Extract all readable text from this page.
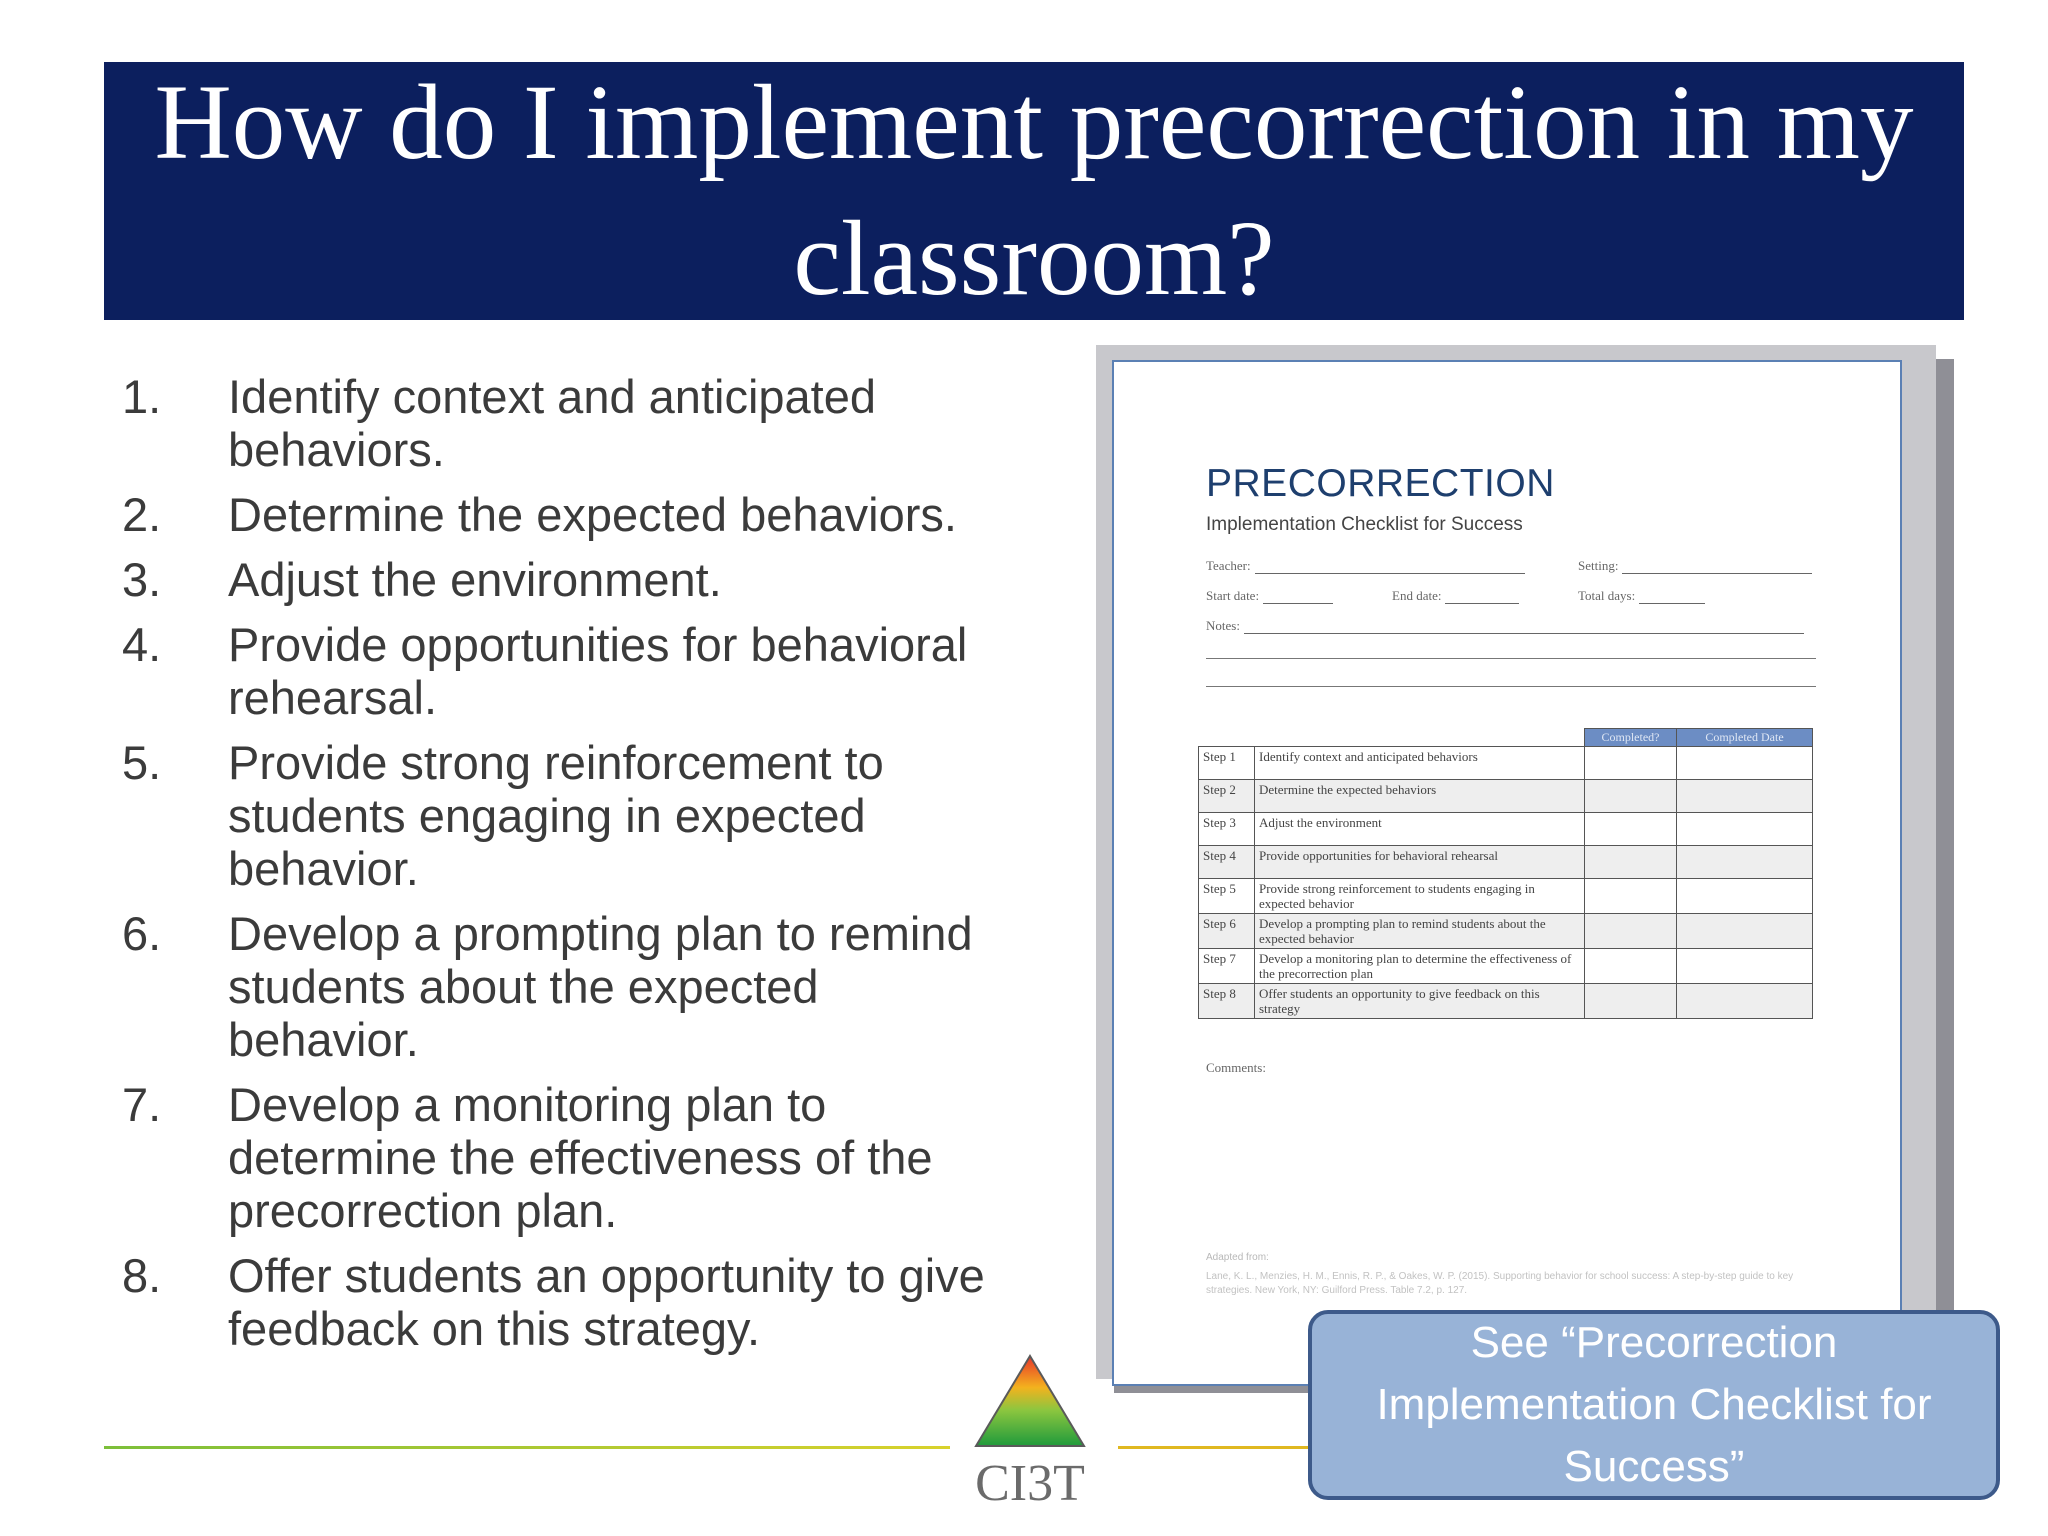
How do I implement precorrection in my classroom?
1.	Identify context and anticipated behaviors.
2.	Determine the expected behaviors.
3.	Adjust the environment.
4.	Provide opportunities for behavioral rehearsal.
5.	Provide strong reinforcement to students engaging in expected behavior.
6.	Develop a prompting plan to remind students about the expected behavior.
7.	Develop a monitoring plan to determine the effectiveness of the precorrection plan.
8.	Offer students an opportunity to give feedback on this strategy.
PRECORRECTION

Implementation Checklist for Success

Teacher:	Setting:
Start date:	End date:	Total days:
Notes:
		Completed?	Completed Date
Step 1	Identify context and anticipated behaviors		
Step 2	Determine the expected behaviors		
Step 3	Adjust the environment		
Step 4	Provide opportunities for behavioral rehearsal		
Step 5	Provide strong reinforcement to students engaging in expected behavior		
Step 6	Develop a prompting plan to remind students about the expected behavior		
Step 7	Develop a monitoring plan to determine the effectiveness of the precorrection plan		
Step 8	Offer students an opportunity to give feedback on this strategy		
Comments:
Adapted from:
Lane, K. L., Menzies, H. M., Ennis, R. P., & Oakes, W. P. (2015). Supporting behavior for school success: A step-by-step guide to key strategies. New York, NY: Guilford Press. Table 7.2, p. 127.
CI3T
See “Precorrection Implementation Checklist for Success”
